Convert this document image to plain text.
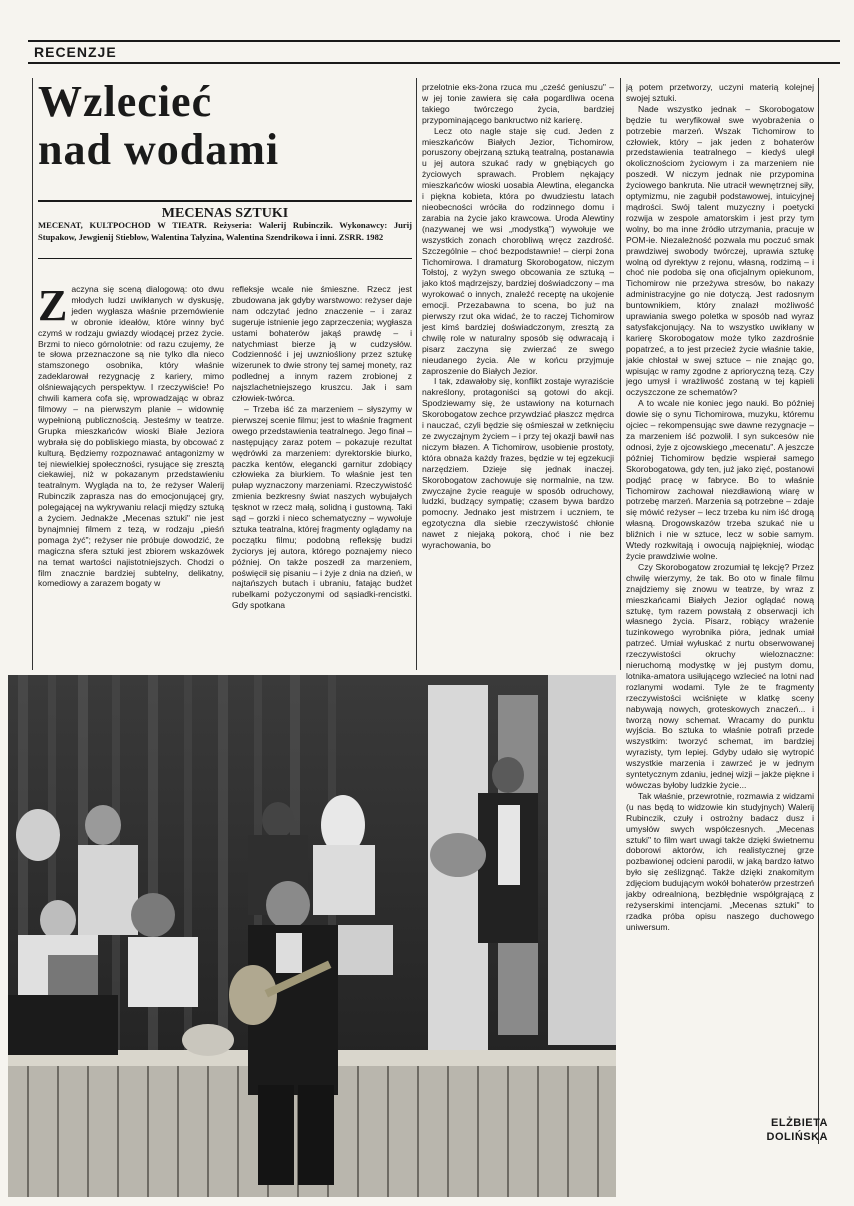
RECENZJE
Wzlecieć
nad wodami
MECENAS SZTUKI
MECENAT, KULTPOCHOD W TIEATR. Reżyseria: Walerij Rubinczik. Wykonawcy: Jurij Stupakow, Jewgienij Stiebłow, Walentina Tałyzina, Walentina Szendrikowa i inni. ZSRR. 1982
Z aczyna się sceną dialogową: oto dwu młodych ludzi uwikłanych w dyskusję, jeden wygłasza właśnie przemówienie w obronie ideałów, które winny być czymś w rodzaju gwiazdy wiodącej przez życie. Brzmi to nieco górnolotnie: od razu czujemy, że te słowa przeznaczone są nie tylko dla nieco stamszonego osobnika, który właśnie zadeklarował rezygnację z kariery, mimo olśniewających perspektyw. I rzeczywiście! Po chwili kamera cofa się, wprowadzając w obraz filmowy – na pierwszym planie – widownię wypełnioną publicznością. Jesteśmy w teatrze. Grupka mieszkańców wioski Białe Jeziora wybrała się do pobliskiego miasta, by obcować z kulturą. Będziemy rozpoznawać antagonizmy w tej niewielkiej społeczności, rysujące się zresztą ciekawiej, niż w pokazanym przedstawieniu teatralnym. Wygląda na to, że reżyser Walerij Rubinczik zaprasza nas do emocjonującej gry, polegającej na wykrywaniu relacji między sztuką a życiem. Jednakże „Mecenas sztuki" nie jest bynajmniej filmem z tezą, w rodzaju „pieśń pomaga żyć"; reżyser nie próbuje dowodzić, że magiczna sfera sztuki jest zbiorem wskazówek na temat wartości najistotniejszych. Chodzi o film znacznie bardziej subtelny, delikatny, komediowy a zarazem bogaty w

refleksje wcale nie śmieszne. Rzecz jest zbudowana jak gdyby warstwowo: reżyser daje nam odczytać jedno znaczenie – i zaraz sugeruje istnienie jego zaprzeczenia; wygłasza ustami bohaterów jakąś prawdę – i natychmiast bierze ją w cudzysłów. Codzienność i jej uwzniośliony przez sztukę wizerunek to dwie strony tej samej monety, raz podlednej a innym razem zrobionej z najszlachetniejszego kruszcu. Jak i sam człowiek-twórca.

– Trzeba iść za marzeniem – słyszymy w pierwszej scenie filmu; jest to właśnie fragment owego przedstawienia teatralnego. Jego finał – następujący zaraz potem – pokazuje rezultat wędrówki za marzeniem: dyrektorskie biurko, paczka kentów, elegancki garnitur zdobiący człowieka za biurkiem. To właśnie jest ten pułap wyznaczony marzeniami. Rzeczywistość zmienia bezkresny świat naszych wybujałych tęsknot w rzecz małą, solidną i gustowną. Taki sąd – gorzki i nieco schematyczny – wywołuje sztuka teatralna, której fragmenty oglądamy na początku filmu; podobną refleksję budzi życiorys jej autora, którego poznajemy nieco później. On także poszedł za marzeniem, poświęcił się pisaniu – i żyje z dnia na dzień, w najtańszych butach i ubraniu, fatając budżet rubelkami pożyczonymi od sąsiadki-rencistki. Gdy spotkana

przelotnie eks-żona rzuca mu „cześć geniuszu" – w jej tonie zawiera się cała pogardliwa ocena takiego twórczego życia, bardziej przypominającego bankructwo niż karierę.

Lecz oto nagle staje się cud. Jeden z mieszkańców Białych Jezior, Tichomirow, poruszony obejrzaną sztuką teatralną, postanawia u jej autora szukać rady w gnębiących go życiowych sprawach. Problem nękający mieszkańców wioski uosabia Alewtina, elegancka i piękna kobieta, która po dwudziestu latach nieobecności wróciła do rodzinnego domu i zarabia na życie jako krawcowa. Uroda Alewtiny (nazywanej we wsi „modystką") wywołuje we wszystkich zonach chorobliwą wręcz zazdrość. Szczególnie – choć bezpodstawnie! – cierpi żona Tichomirowa. I dramaturg Skorobogatow, niczym Tołstoj, z wyżyn swego obcowania ze sztuką – jako ktoś mądrzejszy, bardziej doświadczony – ma wyrokować o innych, znaleźć receptę na ukojenie emocji. Przezabawna to scena, bo już na pierwszy rzut oka widać, że to raczej Tichomirow jest kimś bardziej doświadczonym, zresztą za chwilę role w naturalny sposób się odwracają i pisarz zaczyna się zwierzać ze swego nieudanego życia. Ale w końcu przyjmuje zaproszenie do Białych Jezior.

I tak, zdawałoby się, konflikt zostaje wyraziście nakreślony, protagoniści są gotowi do akcji. Spodziewamy się, że ustawiony na koturnach Skorobogatow zechce przywdziać płaszcz mędrca i nauczać, czyli będzie się ośmieszał w zetknięciu ze zwyczajnym życiem – i przy tej okazji bawił nas niczym błazen. A Tichomirow, usobienie prostoty, która obnaża każdy frazes, będzie w tej egzekucji narzędziem. Dzieje się jednak inaczej. Skorobogatow zachowuje się normalnie, na tzw. zwyczajne życie reaguje w sposób odruchowy, ludzki, budzący sympatię; czasem bywa bardzo pomocny. Jednako jest mistrzem i uczniem, te egzotyczna dla siebie rzeczywistość chłonie nawet z niejaką pokorą, choć i nie bez wyrachowania, bo

ją potem przetworzy, uczyni materią kolejnej swojej sztuki.

Nade wszystko jednak – Skorobogatow będzie tu weryfikował swe wyobrażenia o potrzebie marzeń. Wszak Tichomirow to człowiek, który – jak jeden z bohaterów przedstawienia teatralnego – kiedyś uległ okolicznościom życiowym i za marzeniem nie poszedł. W niczym jednak nie przypomina życiowego bankruta. Nie utracił wewnętrznej siły, optymizmu, nie zagubił podstawowej, intuicyjnej mądrości. Swój talent muzyczny i poetycki rozwija w zespole amatorskim i jest przy tym wolny, bo ma inne źródło utrzymania, pracuje w POM-ie. Niezależność pozwala mu poczuć smak prawdziwej swobody twórczej, uprawia sztukę wolną od dyrektyw z rejonu, własną, rodzimą – i choć nie podoba się ona oficjalnym opiekunom, Tichomirow nie przeżywa stresów, bo nakazy administracyjne go nie dotyczą. Jest radosnym buntownikiem, który znalazł możliwość uprawiania swego poletka w sposób nad wyraz satysfakcjonujący. Na to wszystko uwikłany w karierę Skorobogatow może tylko zazdrośnie popatrzeć, a to jest przecież życie właśnie takie, jakie chłostał w swej sztuce – nie znając go, wpisując w ramy zgodne z aprioryczną tezą. Czy jego umysł i wrażliwość zostaną w tej kąpieli oczyszczone ze schematów?

A to wcale nie koniec jego nauki. Bo później dowie się o synu Tichomirowa, muzyku, któremu ojciec – rekompensując swe dawne rezygnacje – za marzeniem iść pozwolił. I syn sukcesów nie odnosi, żyje z ojcowskiego „mecenatu". A jeszcze później Tichomirow będzie wspierał samego Skorobogatowa, gdy ten, już jako zięć, postanowi podjąć pracę w fabryce. Bo to właśnie Tichomirow zachował niezdławioną wiarę w potrzebę marzeń. Marzenia są potrzebne – zdaje się mówić reżyser – lecz trzeba ku nim iść drogą własną. Drogowskazów trzeba szukać nie u bliźnich i nie w sztuce, lecz w sobie samym. Wtedy rozkwitają i owocują najpiękniej, wiodąc życie prawdziwie wolne.

Czy Skorobogatow zrozumiał tę lekcję? Przez chwilę wierzymy, że tak. Bo oto w finale filmu znajdziemy się znowu w teatrze, by wraz z mieszkańcami Białych Jezior oglądać nową sztukę, tym razem powstałą z obserwacji ich własnego życia. Pisarz, robiący wrażenie tuzinkowego wyrobnika pióra, jednak umiał patrzeć. Umiał wyłuskać z nurtu obserwowanej rzeczywistości okruchy wieloznaczne: nieruchomą modystkę w jej pustym domu, lotnika-amatora usiłującego wzlecieć na lotni nad rozlanymi wodami. Tyle że te fragmenty rzeczywistości wciśnięte w klatkę sceny nabywają nowych, groteskowych znaczeń... i tworzą nowy schemat. Wracamy do punktu wyjścia. Bo sztuka to właśnie potrafi przede wszystkim: tworzyć schemat, im bardziej wyrazisty, tym lepiej. Gdyby udało się wytropić wszystkie marzenia i zawrzeć je w jednym syntetycznym zdaniu, jednej wizji – jakże piękne i wówczas byłoby ludzkie życie...

Tak właśnie, przewrotnie, rozmawia z widzami (u nas będą to widzowie kin studyjnych) Walerij Rubinczik, czuły i ostrożny badacz dusz i umysłów swych współczesnych. „Mecenas sztuki" to film wart uwagi także dzięki świetnemu doborowi aktorów, ich realistycznej grze pozbawionej odcieni parodii, w jaką bardzo łatwo było się ześlizgnąć. Także dzięki znakomitym zdjęciom budującym wokół bohaterów przestrzeń jakby odrealnioną, bezbłędnie współgrającą z reżyserskimi intencjami. „Mecenas sztuki" to rzadka próba opisu naszego duchowego uniwersum.

ELŻBIETA
DOLIŃSKA
